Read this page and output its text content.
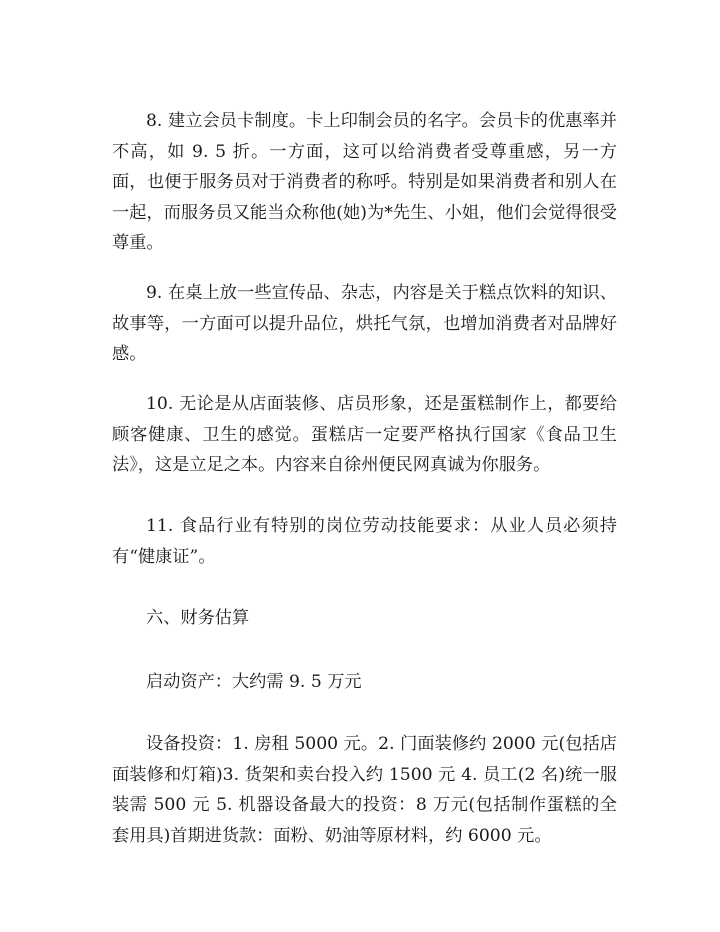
8. 建立会员卡制度。卡上印制会员的名字。会员卡的优惠率并不高，如 9. 5 折。一方面，这可以给消费者受尊重感，另一方面，也便于服务员对于消费者的称呼。特别是如果消费者和别人在一起，而服务员又能当众称他(她)为*先生、小姐，他们会觉得很受尊重。

9. 在桌上放一些宣传品、杂志，内容是关于糕点饮料的知识、故事等，一方面可以提升品位，烘托气氛，也增加消费者对品牌好感。

10. 无论是从店面装修、店员形象，还是蛋糕制作上，都要给顾客健康、卫生的感觉。蛋糕店一定要严格执行国家《食品卫生法》，这是立足之本。内容来自徐州便民网真诚为你服务。

11. 食品行业有特别的岗位劳动技能要求：从业人员必须持有“健康证”。

六、财务估算

启动资产：大约需 9. 5 万元

设备投资：1. 房租 5000 元。2. 门面装修约 2000 元(包括店面装修和灯箱)3. 货架和卖台投入约 1500 元 4. 员工(2 名)统一服装需 500 元 5. 机器设备最大的投资：8 万元(包括制作蛋糕的全套用具)首期进货款：面粉、奶油等原材料，约 6000 元。
